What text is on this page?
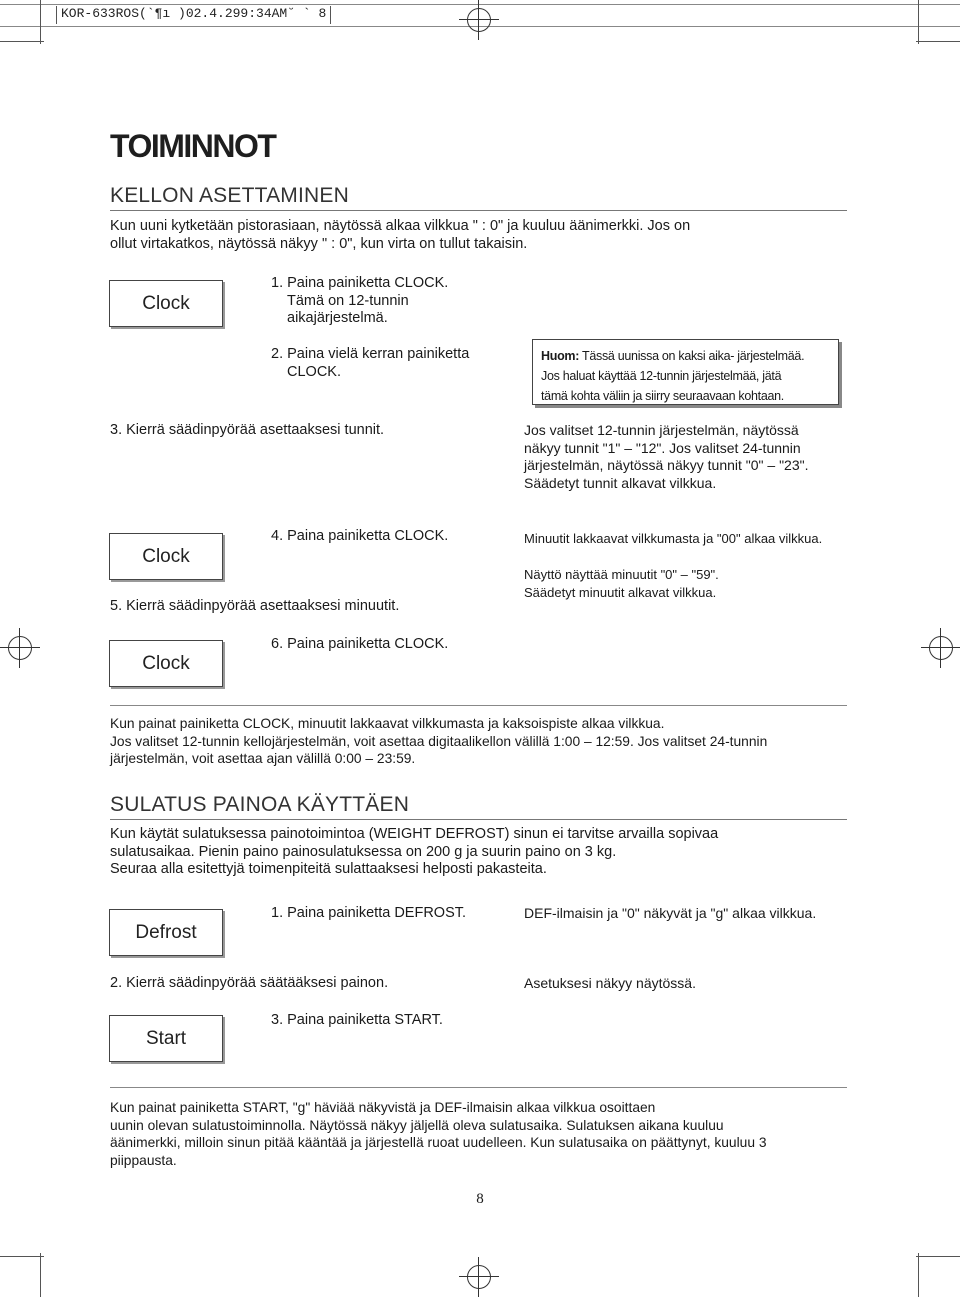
KOR-633ROS(`¶ı )02.4.299:34AM˘ ` 8
TOIMINNOT
KELLON ASETTAMINEN
Kun uuni kytketään pistorasiaan, näytössä alkaa vilkkua " : 0" ja kuuluu äänimerkki. Jos on
ollut virtakatkos, näytössä näkyy " : 0", kun virta on tullut takaisin.
Clock
1. Paina painiketta CLOCK.
Tämä on 12-tunnin
aikajärjestelmä.
2. Paina vielä kerran painiketta
CLOCK.
Huom: Tässä uunissa on kaksi aika- järjestelmää.
Jos haluat käyttää 12-tunnin järjestelmää, jätä
tämä kohta väliin ja siirry seuraavaan kohtaan.
3. Kierrä säädinpyörää asettaaksesi tunnit.	Jos valitset 12-tunnin järjestelmän, näytössä
näkyy tunnit "1" – "12". Jos valitset 24-tunnin
järjestelmän, näytössä näkyy tunnit "0" – "23".
Säädetyt tunnit alkavat vilkkua.
Clock
4. Paina painiketta CLOCK.	Minuutit lakkaavat vilkkumasta ja "00" alkaa vilkkua.
Näyttö näyttää minuutit "0" – "59".
Säädetyt minuutit alkavat vilkkua.
5. Kierrä säädinpyörää asettaaksesi minuutit.
Clock
6. Paina painiketta CLOCK.
Kun painat painiketta CLOCK, minuutit lakkaavat vilkkumasta ja kaksoispiste alkaa vilkkua.
Jos valitset 12-tunnin kellojärjestelmän, voit asettaa digitaalikellon välillä 1:00 – 12:59. Jos valitset 24-tunnin
järjestelmän, voit asettaa ajan välillä 0:00 – 23:59.
SULATUS PAINOA KÄYTTÄEN
Kun käytät sulatuksessa painotoimintoa (WEIGHT DEFROST) sinun ei tarvitse arvailla sopivaa
sulatusaikaa. Pienin paino painosulatuksessa on 200 g ja suurin paino on 3 kg.
Seuraa alla esitettyjä toimenpiteitä sulattaaksesi helposti pakasteita.
Defrost
1. Paina painiketta DEFROST.	DEF-ilmaisin ja "0" näkyvät ja "g" alkaa vilkkua.
2. Kierrä säädinpyörää säätääksesi painon.	Asetuksesi näkyy näytössä.
Start
3. Paina painiketta START.
Kun painat painiketta START, "g" häviää näkyvistä ja DEF-ilmaisin alkaa vilkkua osoittaen
uunin olevan sulatustoiminnolla. Näytössä näkyy jäljellä oleva sulatusaika. Sulatuksen aikana kuuluu
äänimerkki, milloin sinun pitää kääntää ja järjestellä ruoat uudelleen. Kun sulatusaika on päättynyt, kuuluu 3
piippausta.
8
